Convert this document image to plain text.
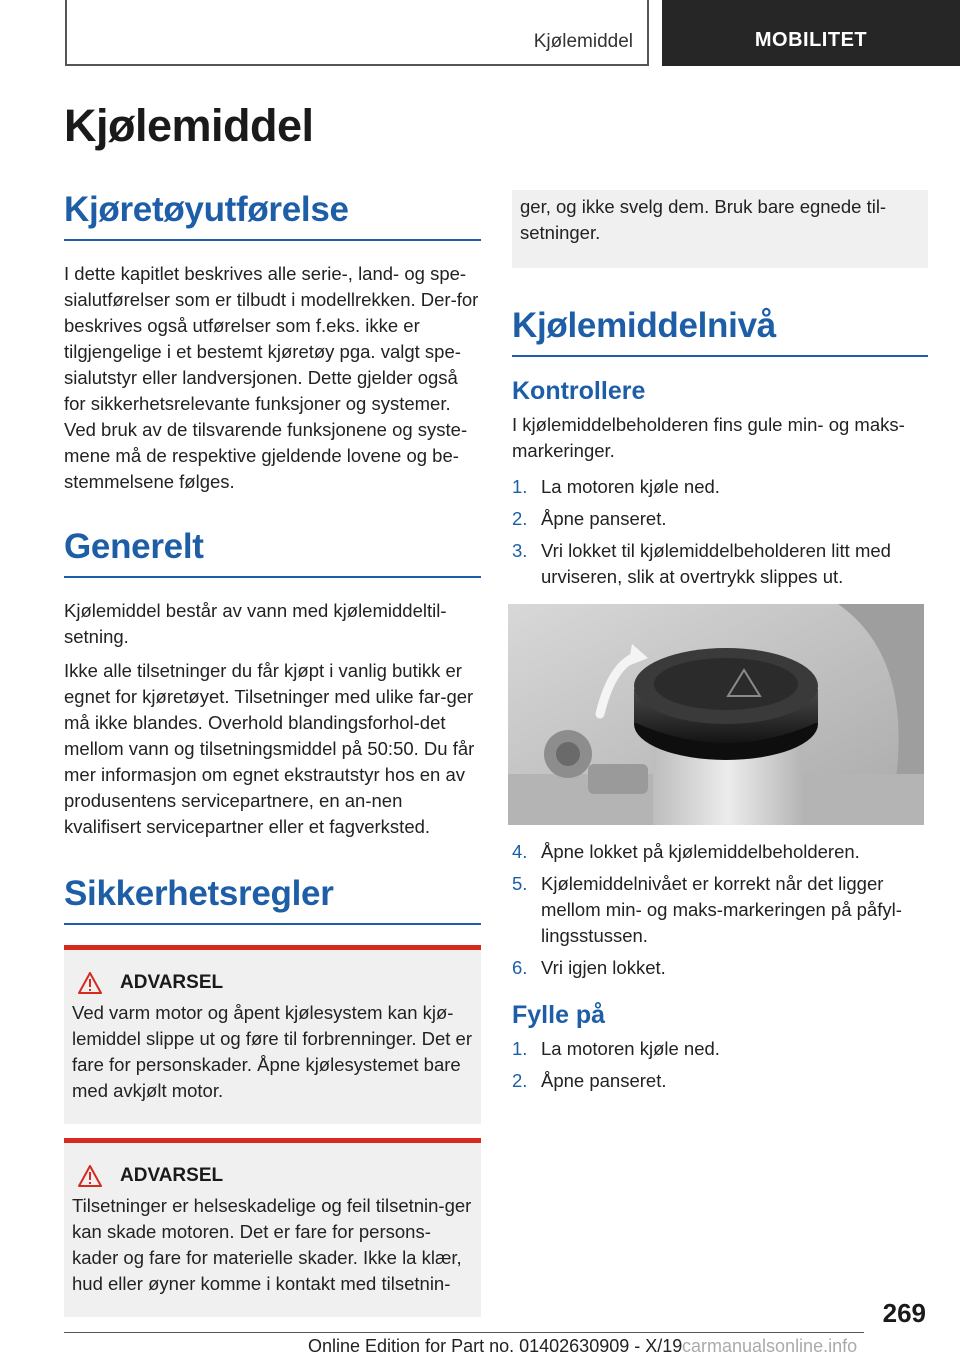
Kjølemiddel	MOBILITET
Kjølemiddel
Kjøretøyutførelse

I dette kapitlet beskrives alle serie-, land- og spe-sialutførelser som er tilbudt i modellrekken. Der-for beskrives også utførelser som f.eks. ikke er tilgjengelige i et bestemt kjøretøy pga. valgt spe-sialutstyr eller landversjonen. Dette gjelder også for sikkerhetsrelevante funksjoner og systemer. Ved bruk av de tilsvarende funksjonene og syste-mene må de respektive gjeldende lovene og be-stemmelsene følges.

Generelt

Kjølemiddel består av vann med kjølemiddeltil-setning.

Ikke alle tilsetninger du får kjøpt i vanlig butikk er egnet for kjøretøyet. Tilsetninger med ulike far-ger må ikke blandes. Overhold blandingsforhol-det mellom vann og tilsetningsmiddel på 50:50. Du får mer informasjon om egnet ekstrautstyr hos en av produsentens servicepartnere, en an-nen kvalifisert servicepartner eller et fagverksted.

Sikkerhetsregler
ADVARSEL

Ved varm motor og åpent kjølesystem kan kjø-lemiddel slippe ut og føre til forbrenninger. Det er fare for personskader. Åpne kjølesystemet bare med avkjølt motor.

ADVARSEL

Tilsetninger er helseskadelige og feil tilsetnin-ger kan skade motoren. Det er fare for persons-kader og fare for materielle skader. Ikke la klær, hud eller øyner komme i kontakt med tilsetnin-

ger, og ikke svelg dem. Bruk bare egnede til-setninger.

Kjølemiddelnivå
Kontrollere

I kjølemiddelbeholderen fins gule min- og maks-markeringer.

1. La motoren kjøle ned.
2. Åpne panseret.
3. Vri lokket til kjølemiddelbeholderen litt med urviseren, slik at overtrykk slippes ut.
4. Åpne lokket på kjølemiddelbeholderen.
5. Kjølemiddelnivået er korrekt når det ligger mellom min- og maks-markeringen på påfyl-lingsstussen.
6. Vri igjen lokket.
Fylle på
1. La motoren kjøle ned.
2. Åpne panseret.
269
Online Edition for Part no. 01402630909 - X/19 carmanualsonline.info
